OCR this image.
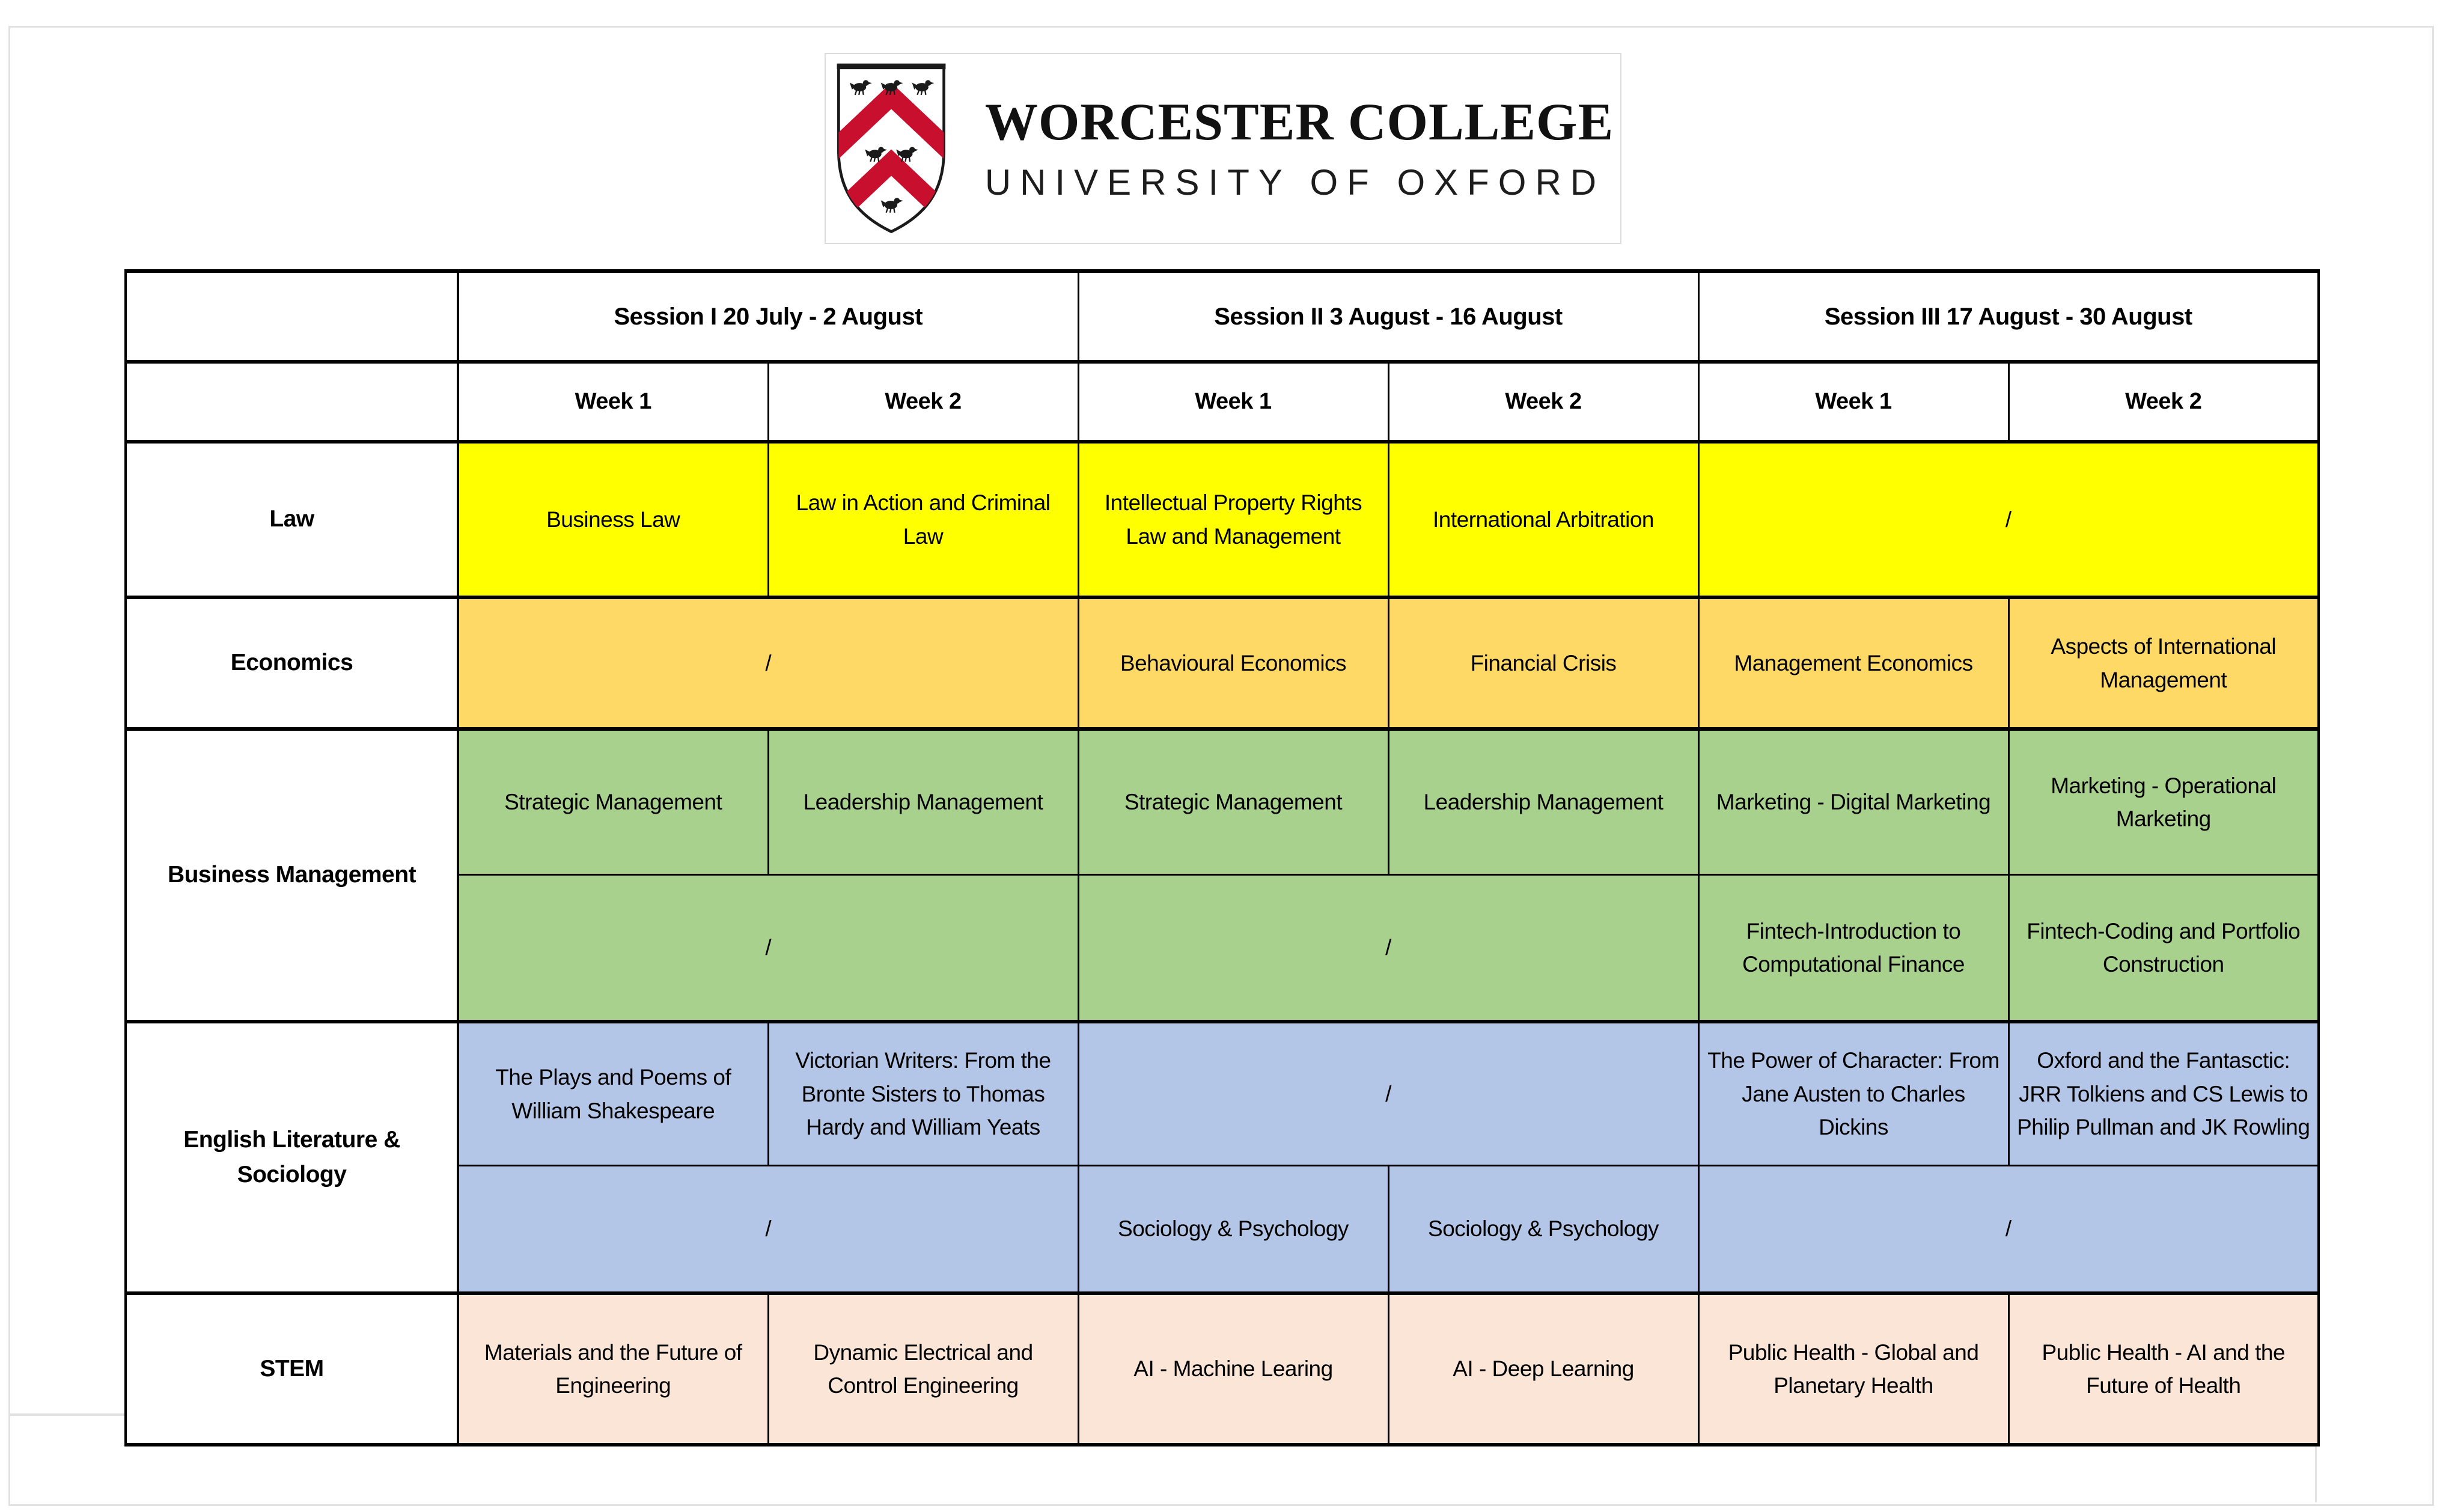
WORCESTER COLLEGE
UNIVERSITY OF OXFORD
	Session I 20 July - 2 August		Session II 3 August - 16 August		Session III 17 August - 30 August	
	Week 1	Week 2	Week 1	Week 2	Week 1	Week 2
Law	Business Law	Law in Action and Criminal Law	Intellectual Property Rights Law and Management	International Arbitration	/	
Economics	/		Behavioural Economics	Financial Crisis	Management Economics	Aspects of International Management
Business Management	Strategic Management	Leadership Management	Strategic Management	Leadership Management	Marketing - Digital Marketing	Marketing - Operational Marketing
	/		/		Fintech-Introduction to Computational Finance	Fintech-Coding and Portfolio Construction
English Literature & Sociology	The Plays and Poems of William Shakespeare	Victorian Writers: From the Bronte Sisters to Thomas Hardy and William Yeats	/		The Power of Character: From Jane Austen to Charles Dickins	Oxford and the Fantasctic: JRR Tolkiens and CS Lewis to Philip Pullman and JK Rowling
	/		Sociology & Psychology	Sociology & Psychology	/	
STEM	Materials and the Future of Engineering	Dynamic Electrical and Control Engineering	AI - Machine Learing	AI - Deep Learning	Public Health - Global and Planetary Health	Public Health - AI and the Future of Health
